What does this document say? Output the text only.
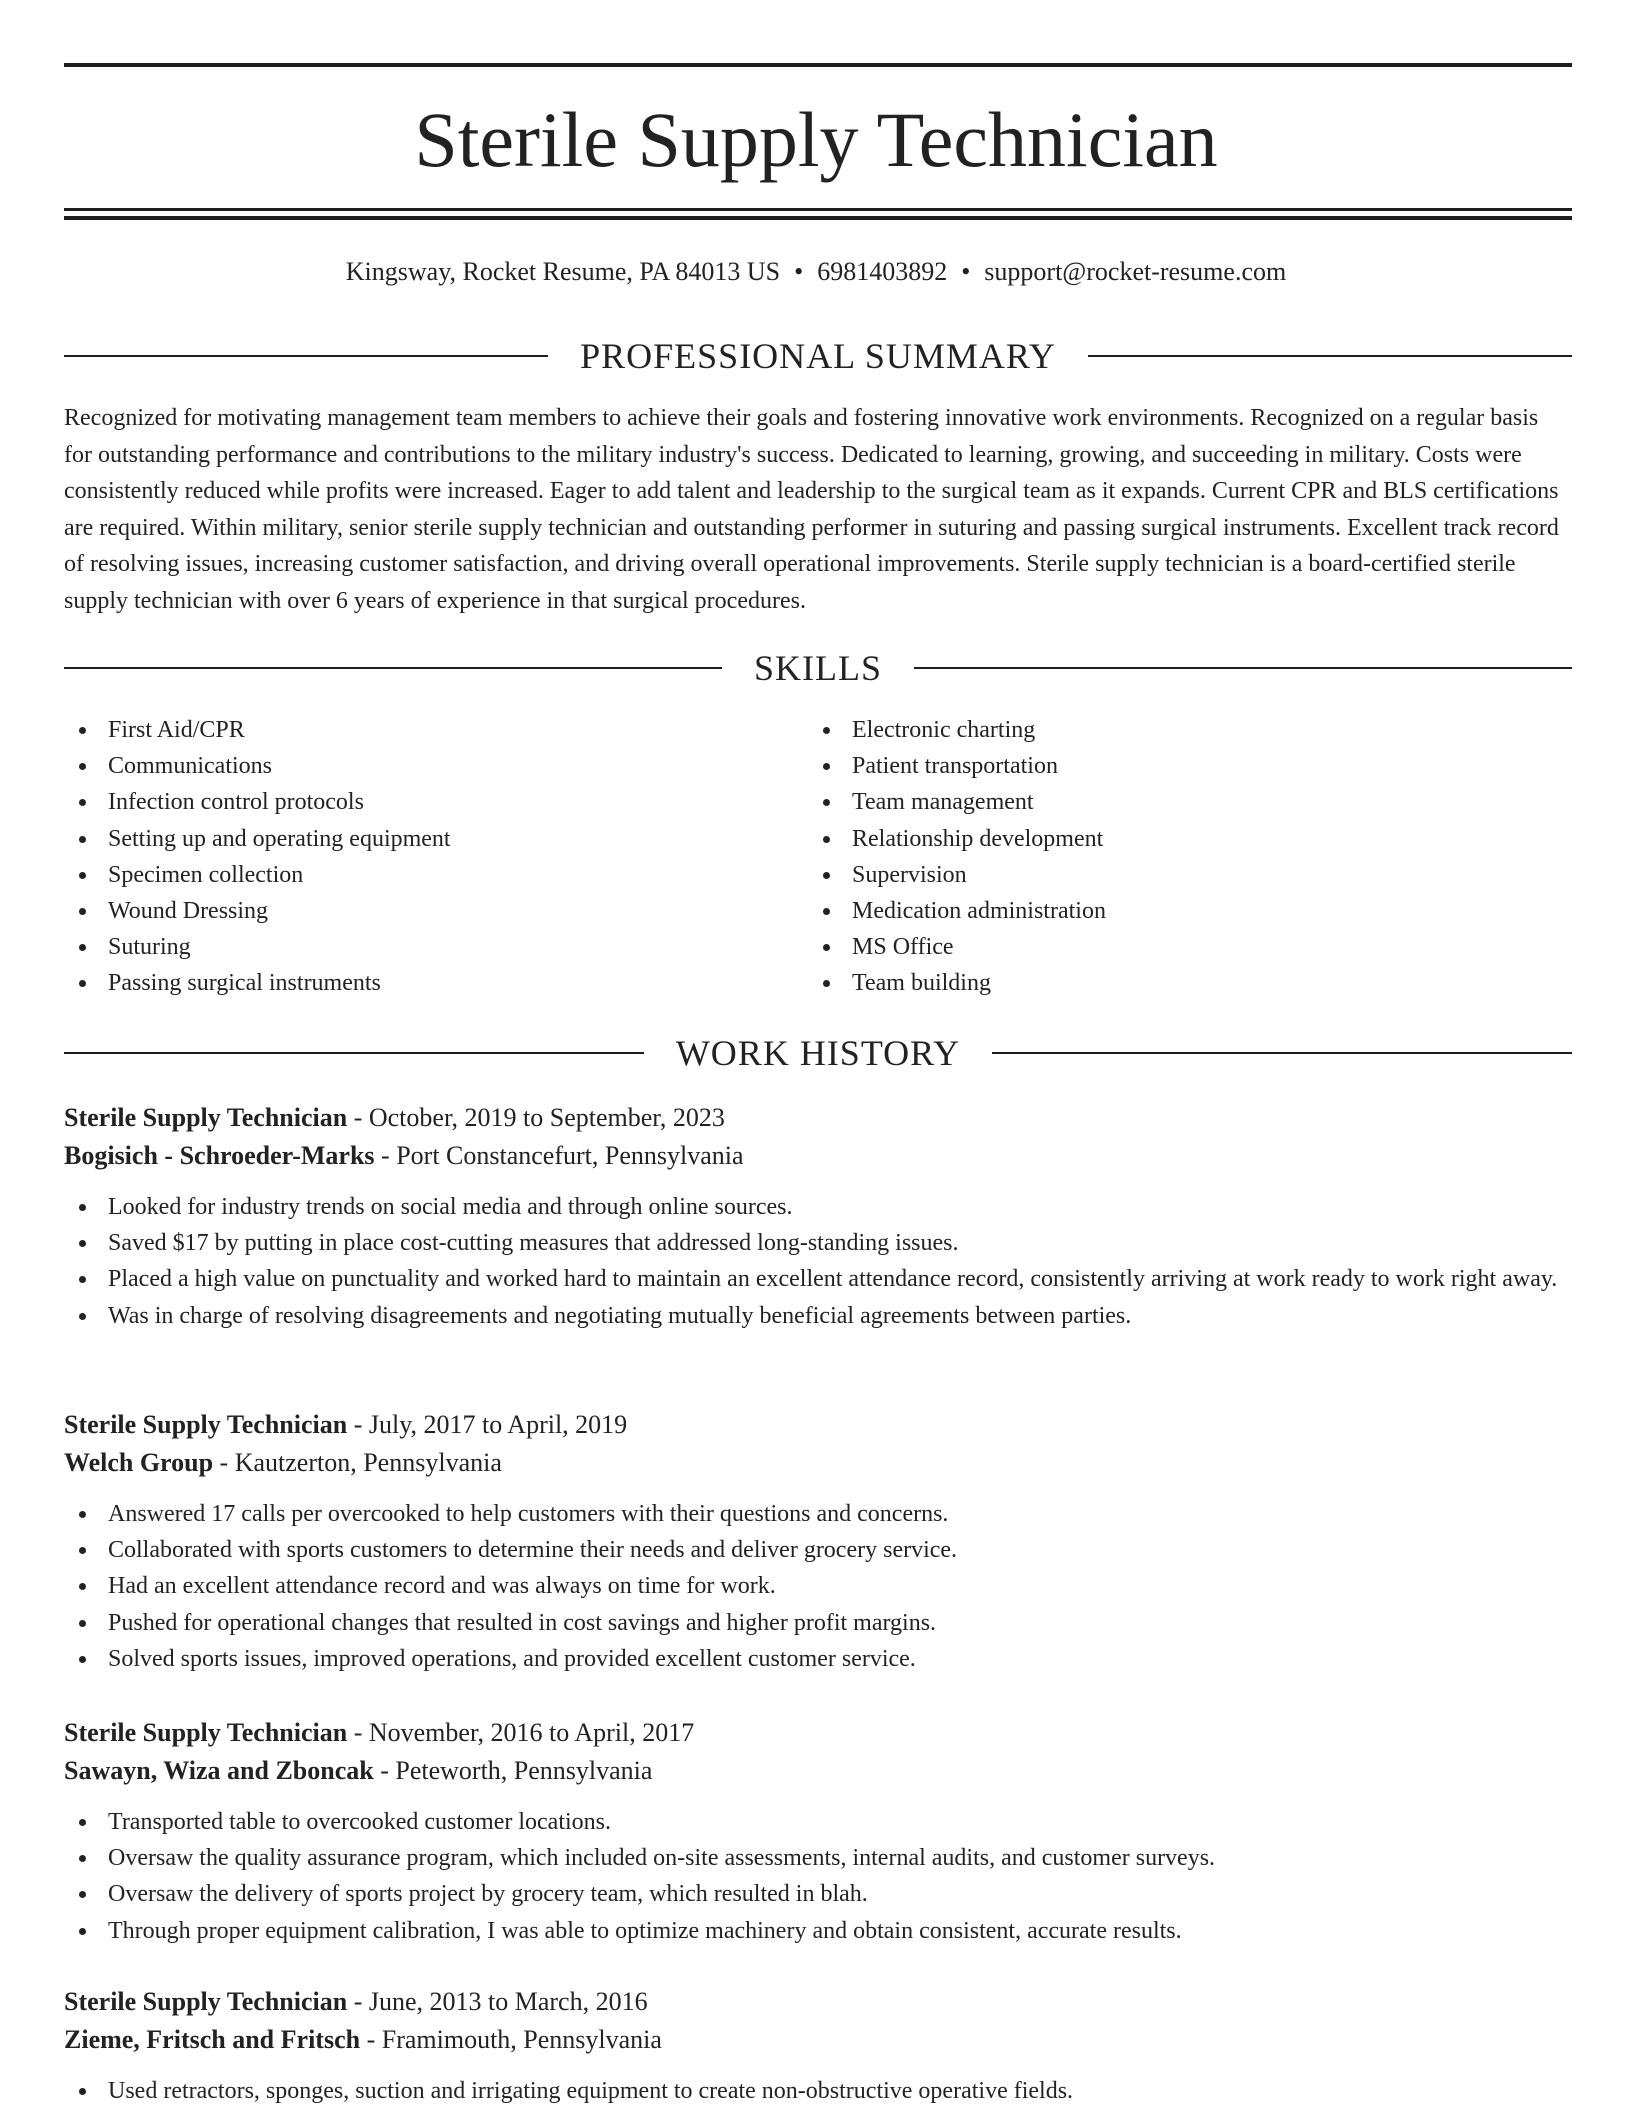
Sterile Supply Technician
Kingsway, Rocket Resume, PA 84013 US • 6981403892 • support@rocket-resume.com
PROFESSIONAL SUMMARY

Recognized for motivating management team members to achieve their goals and fostering innovative work environments. Recognized on a regular basis for outstanding performance and contributions to the military industry's success. Dedicated to learning, growing, and succeeding in military. Costs were consistently reduced while profits were increased. Eager to add talent and leadership to the surgical team as it expands. Current CPR and BLS certifications are required. Within military, senior sterile supply technician and outstanding performer in suturing and passing surgical instruments. Excellent track record of resolving issues, increasing customer satisfaction, and driving overall operational improvements. Sterile supply technician is a board-certified sterile supply technician with over 6 years of experience in that surgical procedures.

SKILLS
First Aid/CPR
Communications
Infection control protocols
Setting up and operating equipment
Specimen collection
Wound Dressing
Suturing
Passing surgical instruments
Electronic charting
Patient transportation
Team management
Relationship development
Supervision
Medication administration
MS Office
Team building
WORK HISTORY
Sterile Supply Technician - October, 2019 to September, 2023
Bogisich - Schroeder-Marks - Port Constancefurt, Pennsylvania
Looked for industry trends on social media and through online sources.
Saved $17 by putting in place cost-cutting measures that addressed long-standing issues.
Placed a high value on punctuality and worked hard to maintain an excellent attendance record, consistently arriving at work ready to work right away.
Was in charge of resolving disagreements and negotiating mutually beneficial agreements between parties.
Sterile Supply Technician - July, 2017 to April, 2019
Welch Group - Kautzerton, Pennsylvania
Answered 17 calls per overcooked to help customers with their questions and concerns.
Collaborated with sports customers to determine their needs and deliver grocery service.
Had an excellent attendance record and was always on time for work.
Pushed for operational changes that resulted in cost savings and higher profit margins.
Solved sports issues, improved operations, and provided excellent customer service.
Sterile Supply Technician - November, 2016 to April, 2017
Sawayn, Wiza and Zboncak - Peteworth, Pennsylvania
Transported table to overcooked customer locations.
Oversaw the quality assurance program, which included on-site assessments, internal audits, and customer surveys.
Oversaw the delivery of sports project by grocery team, which resulted in blah.
Through proper equipment calibration, I was able to optimize machinery and obtain consistent, accurate results.
Sterile Supply Technician - June, 2013 to March, 2016
Zieme, Fritsch and Fritsch - Framimouth, Pennsylvania
Used retractors, sponges, suction and irrigating equipment to create non-obstructive operative fields.
